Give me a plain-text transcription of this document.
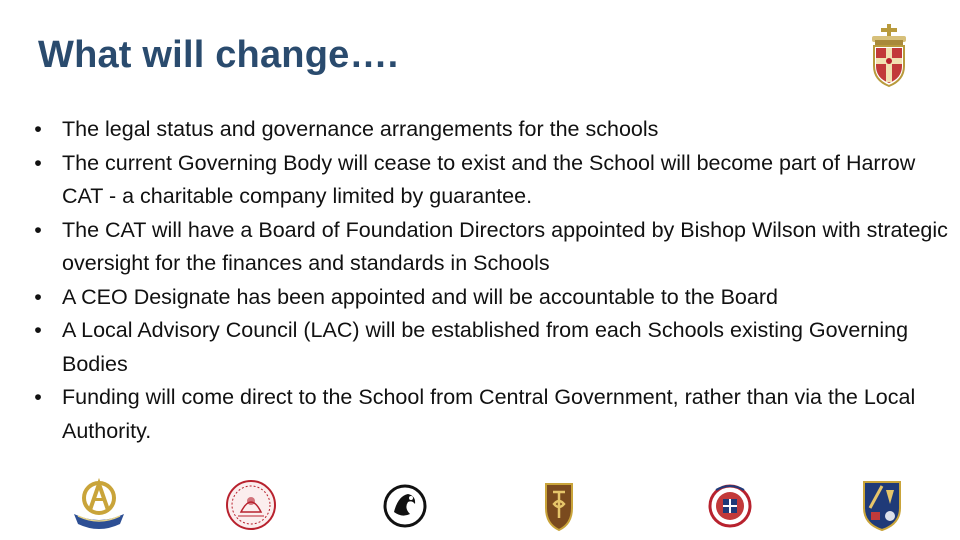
What will change….
• The legal status and governance arrangements for the schools
• The current Governing Body will cease to exist and the School will become part of Harrow CAT - a charitable company limited by guarantee.
• The CAT will have a Board of Foundation Directors appointed by Bishop Wilson with strategic oversight for the finances and standards in Schools
• A CEO Designate has been appointed and will be accountable to the Board
• A Local Advisory Council (LAC) will be established from each Schools existing Governing Bodies
• Funding will come direct to the School from Central Government, rather than via the Local Authority.
